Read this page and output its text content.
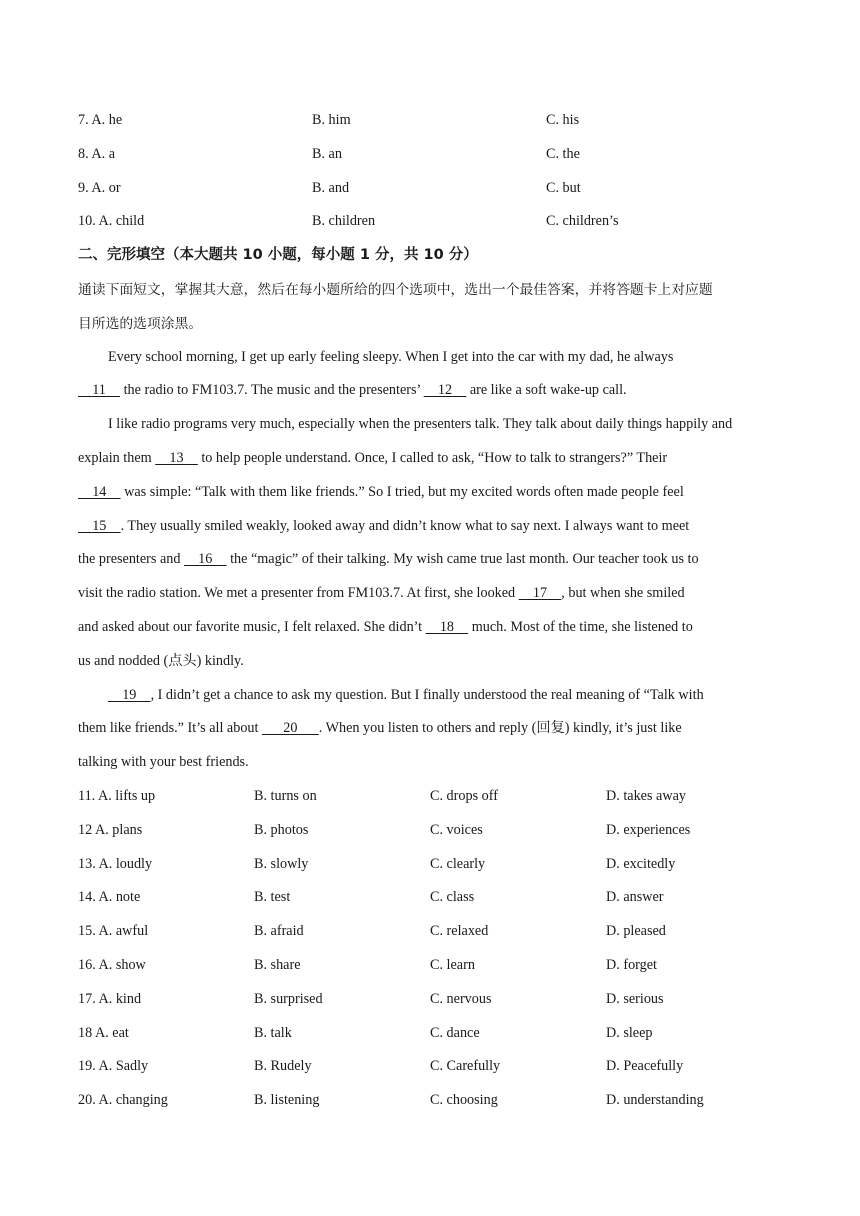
7. A. he	B. him	C. his
8. A. a	B. an	C. the
9. A. or	B. and	C. but
10. A. child	B. children	C. children’s
二、完形填空（本大题共 10 小题，每小题 1 分，共 10 分）
通读下面短文，掌握其大意，然后在每小题所给的四个选项中，选出一个最佳答案，并将答题卡上对应题
目所选的选项涂黑。
Every school morning, I get up early feeling sleepy. When I get into the car with my dad, he always
11     the radio to FM103.7. The music and the presenters’     12     are like a soft wake-up call.
I like radio programs very much, especially when the presenters talk. They talk about daily things happily and
explain them     13     to help people understand. Once, I called to ask, “How to talk to strangers?” Their
14     was simple: “Talk with them like friends.” So I tried, but my excited words often made people feel
15    . They usually smiled weakly, looked away and didn’t know what to say next. I always want to meet
the presenters and     16     the “magic” of their talking. My wish came true last month. Our teacher took us to
visit the radio station. We met a presenter from FM103.7. At first, she looked     17    , but when she smiled
and asked about our favorite music, I felt relaxed. She didn’t     18     much. Most of the time, she listened to
us and nodded (点头) kindly.
19    , I didn’t get a chance to ask my question. But I finally understood the real meaning of “Talk with
them like friends.” It’s all about       20      . When you listen to others and reply (回复) kindly, it’s just like
talking with your best friends.
11. A. lifts up	B. turns on	C. drops off	D. takes away
12 A. plans	B. photos	C. voices	D. experiences
13. A. loudly	B. slowly	C. clearly	D. excitedly
14. A. note	B. test	C. class	D. answer
15. A. awful	B. afraid	C. relaxed	D. pleased
16. A. show	B. share	C. learn	D. forget
17. A. kind	B. surprised	C. nervous	D. serious
18 A. eat	B. talk	C. dance	D. sleep
19. A. Sadly	B. Rudely	C. Carefully	D. Peacefully
20. A. changing	B. listening	C. choosing	D. understanding
